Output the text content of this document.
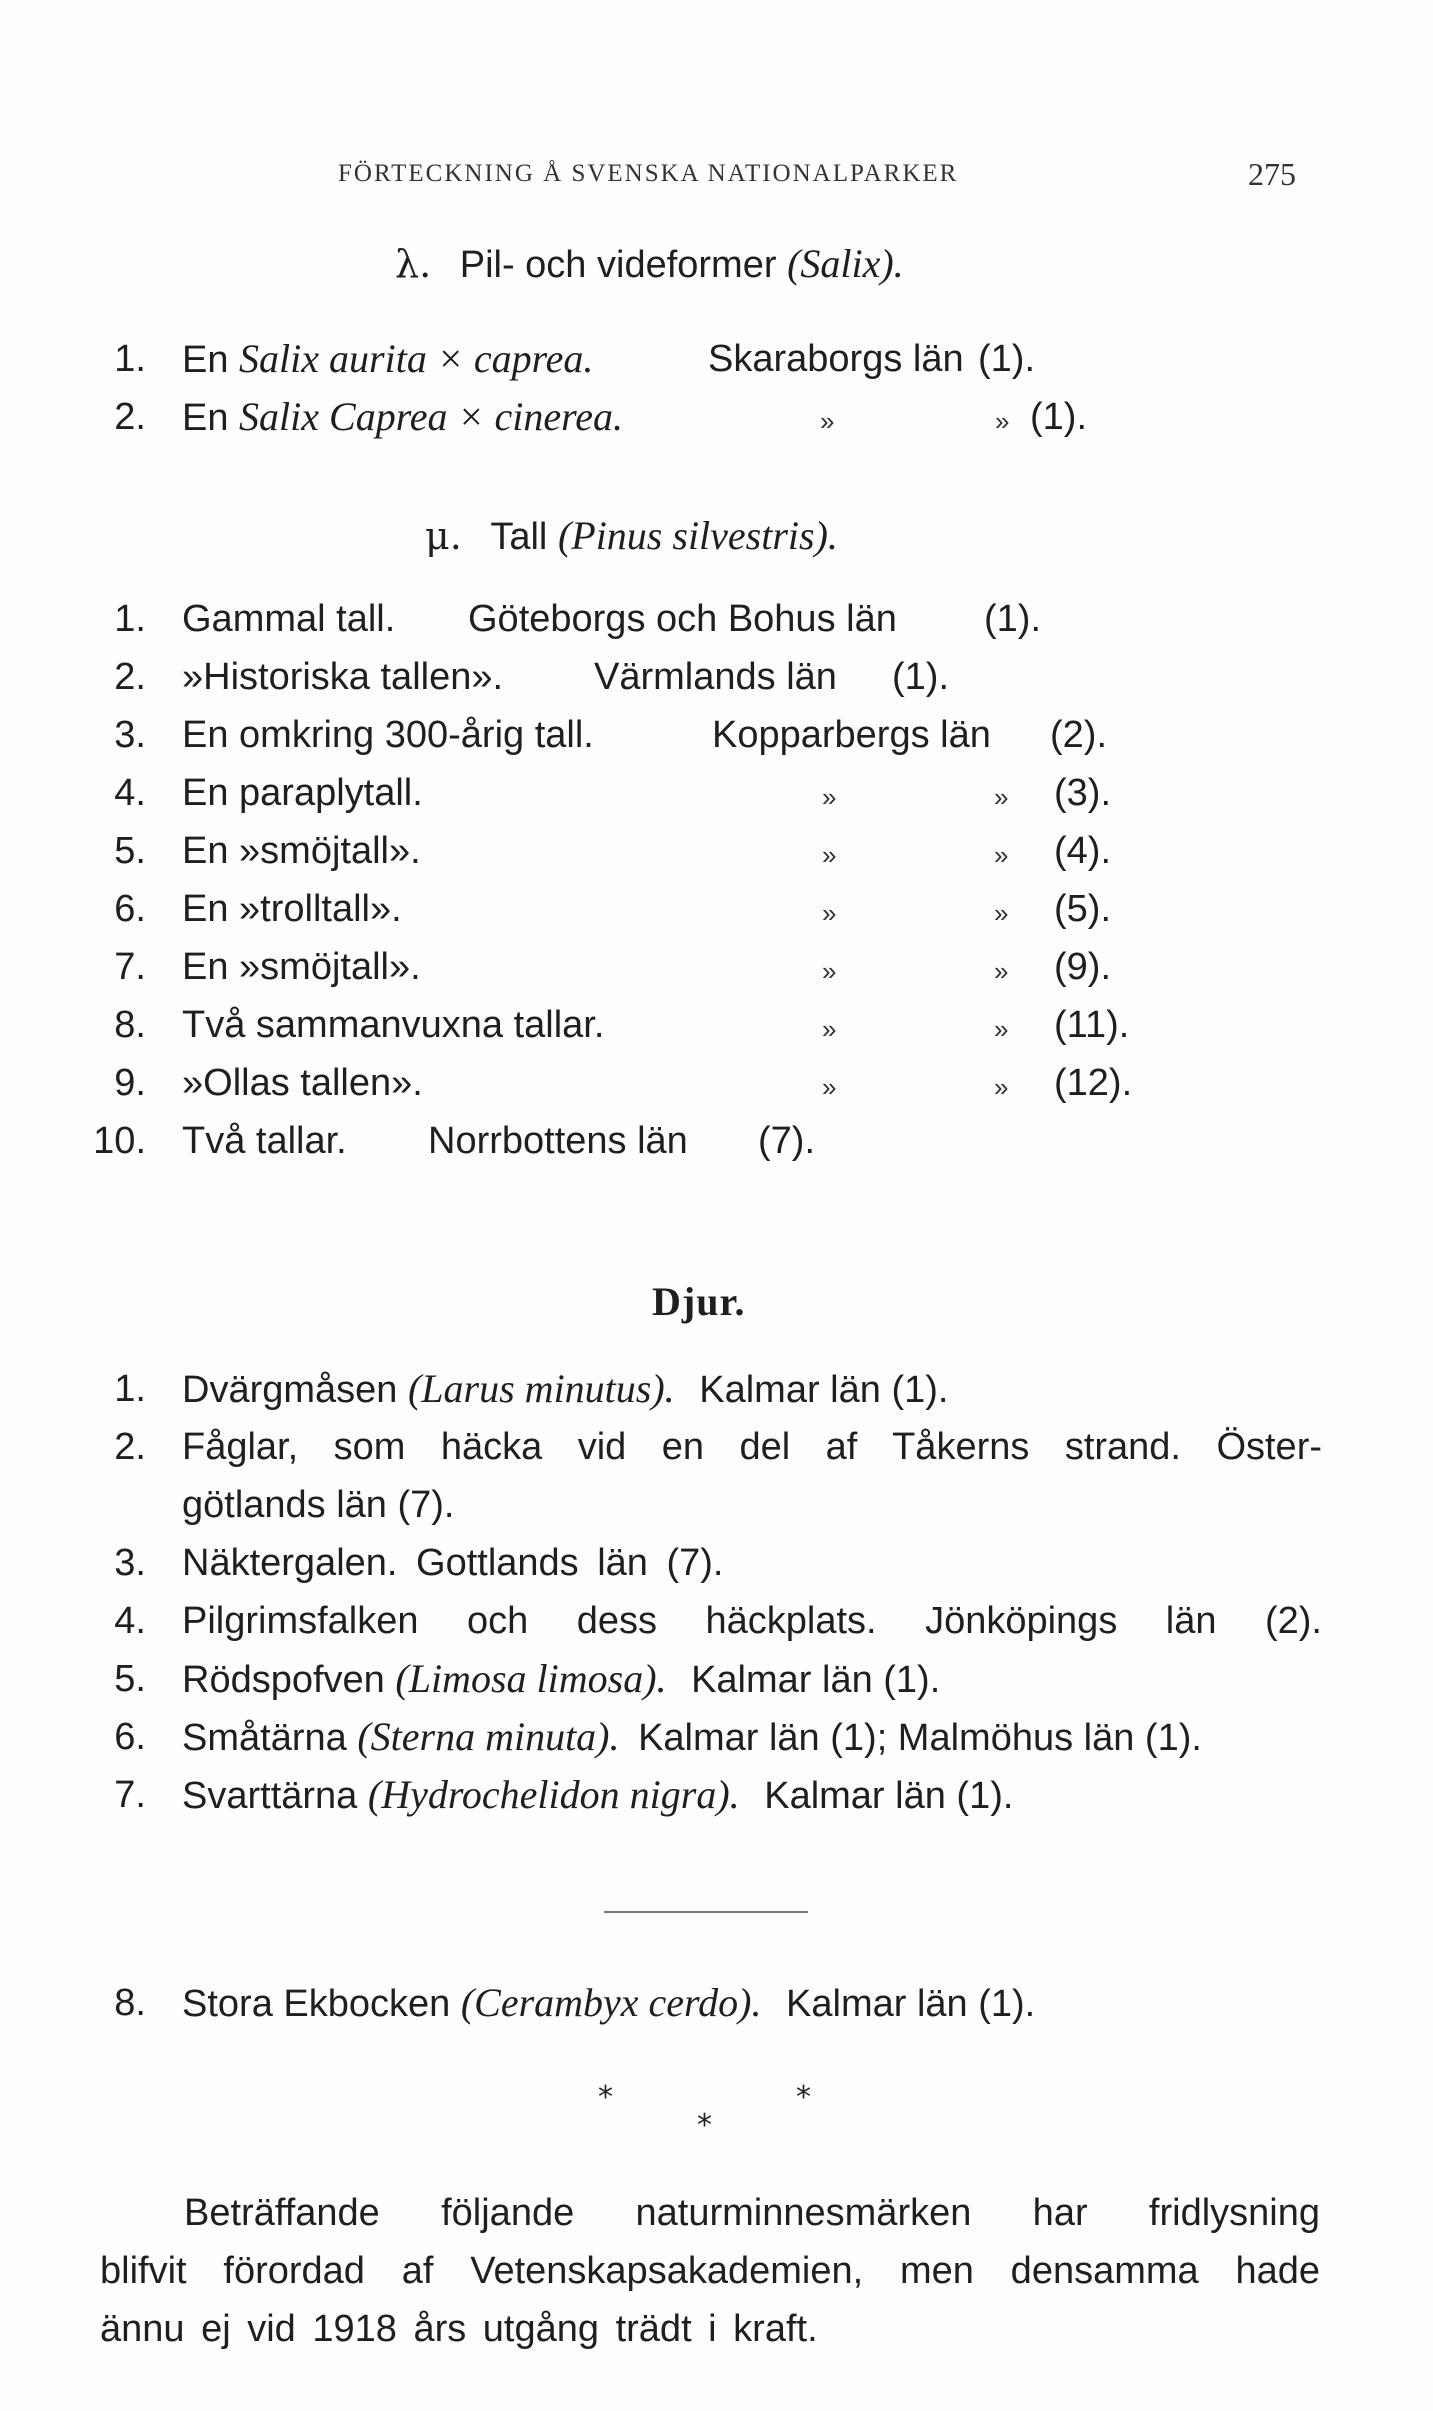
FÖRTECKNING Å SVENSKA NATIONALPARKER	275
λ. Pil- och videformer (Salix).
1. En Salix aurita × caprea.	Skaraborgs län (1).
2. En Salix Caprea × cinerea.	»	» (1).
μ. Tall (Pinus silvestris).
1. Gammal tall. Göteborgs och Bohus län (1).
2. »Historiska tallen». Värmlands län (1).
3. En omkring 300-årig tall.	Kopparbergs län (2).
4. En paraplytall.	»	» (3).
5. En »smöjtall».	»	» (4).
6. En »trolltall».	»	» (5).
7. En »smöjtall».	»	» (9).
8. Två sammanvuxna tallar.	»	» (11).
9. »Ollas tallen».	»	» (12).
10. Två tallar. Norrbottens län (7).
Djur.
1. Dvärgmåsen (Larus minutus). Kalmar län (1).
2. Fåglar, som häcka vid en del af Tåkerns strand. Öster-
götlands län (7).
3. Näktergalen. Gottlands län (7).
4. Pilgrimsfalken och dess häckplats. Jönköpings län (2).
5. Rödspofven (Limosa limosa). Kalmar län (1).
6. Småtärna (Sterna minuta). Kalmar län (1); Malmöhus län (1).
7. Svarttärna (Hydrochelidon nigra). Kalmar län (1).
8. Stora Ekbocken (Cerambyx cerdo). Kalmar län (1).
*	*
*
Beträffande följande naturminnesmärken har fridlysning
blifvit förordad af Vetenskapsakademien, men densamma hade
ännu ej vid 1918 års utgång trädt i kraft.
